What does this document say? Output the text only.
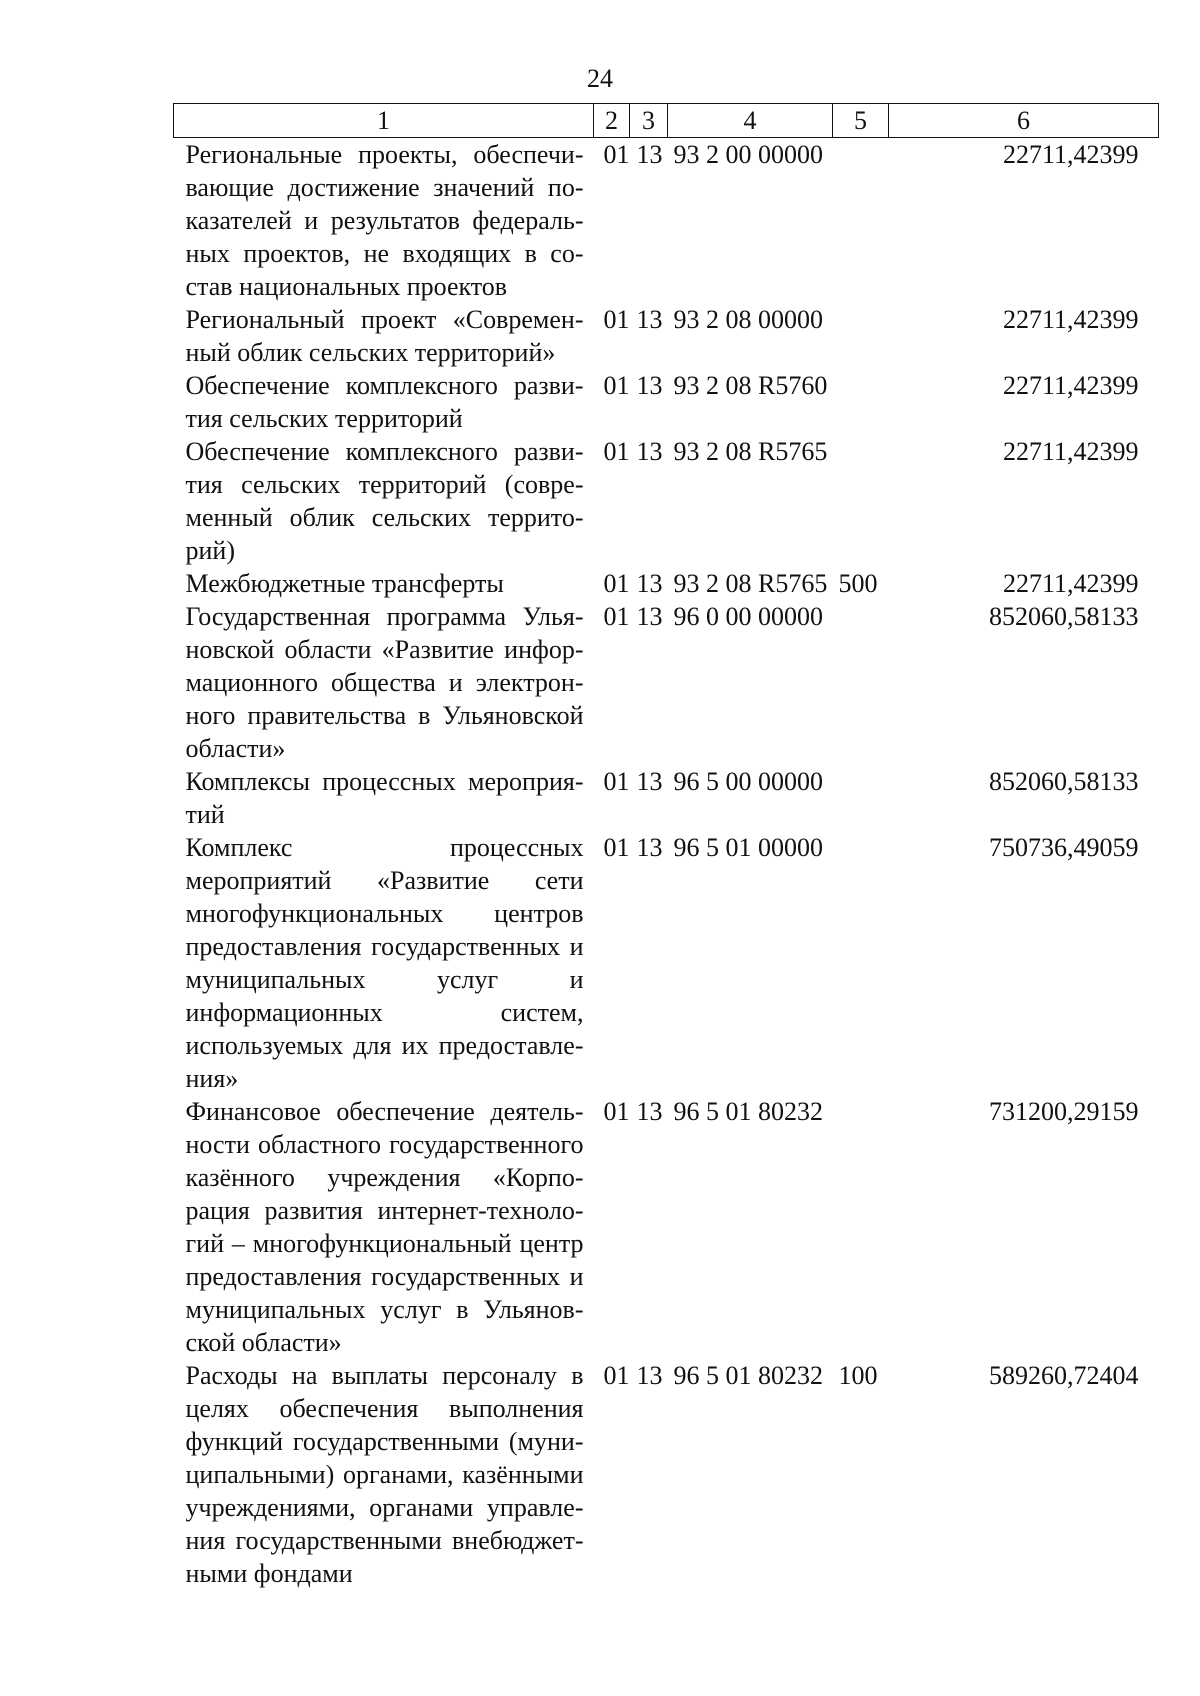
24
1	2	3	4	5	6
Региональные проекты, обеспечивающие достижение значений показателей и результатов федеральных проектов, не входящих в состав национальных проектов	01	13	93 2 00 00000		22711,42399
Региональный проект «Современный облик сельских территорий»	01	13	93 2 08 00000		22711,42399
Обеспечение комплексного развития сельских территорий	01	13	93 2 08 R5760		22711,42399
Обеспечение комплексного развития сельских территорий (современный облик сельских территорий)	01	13	93 2 08 R5765		22711,42399
Межбюджетные трансферты	01	13	93 2 08 R5765	500	22711,42399
Государственная программа Ульяновской области «Развитие информационного общества и электронного правительства в Ульяновской области»	01	13	96 0 00 00000		852060,58133
Комплексы процессных мероприятий	01	13	96 5 00 00000		852060,58133
Комплекс процессных мероприятий «Развитие сети многофункциональных центров предоставления государственных и муниципальных услуг и информационных систем, используемых для их предоставления»	01	13	96 5 01 00000		750736,49059
Финансовое обеспечение деятельности областного государственного казённого учреждения «Корпорация развития интернет-технологий – многофункциональный центр предоставления государственных и муниципальных услуг в Ульяновской области»	01	13	96 5 01 80232		731200,29159
Расходы на выплаты персоналу в целях обеспечения выполнения функций государственными (муниципальными) органами, казёнными учреждениями, органами управления государственными внебюджетными фондами	01	13	96 5 01 80232	100	589260,72404
